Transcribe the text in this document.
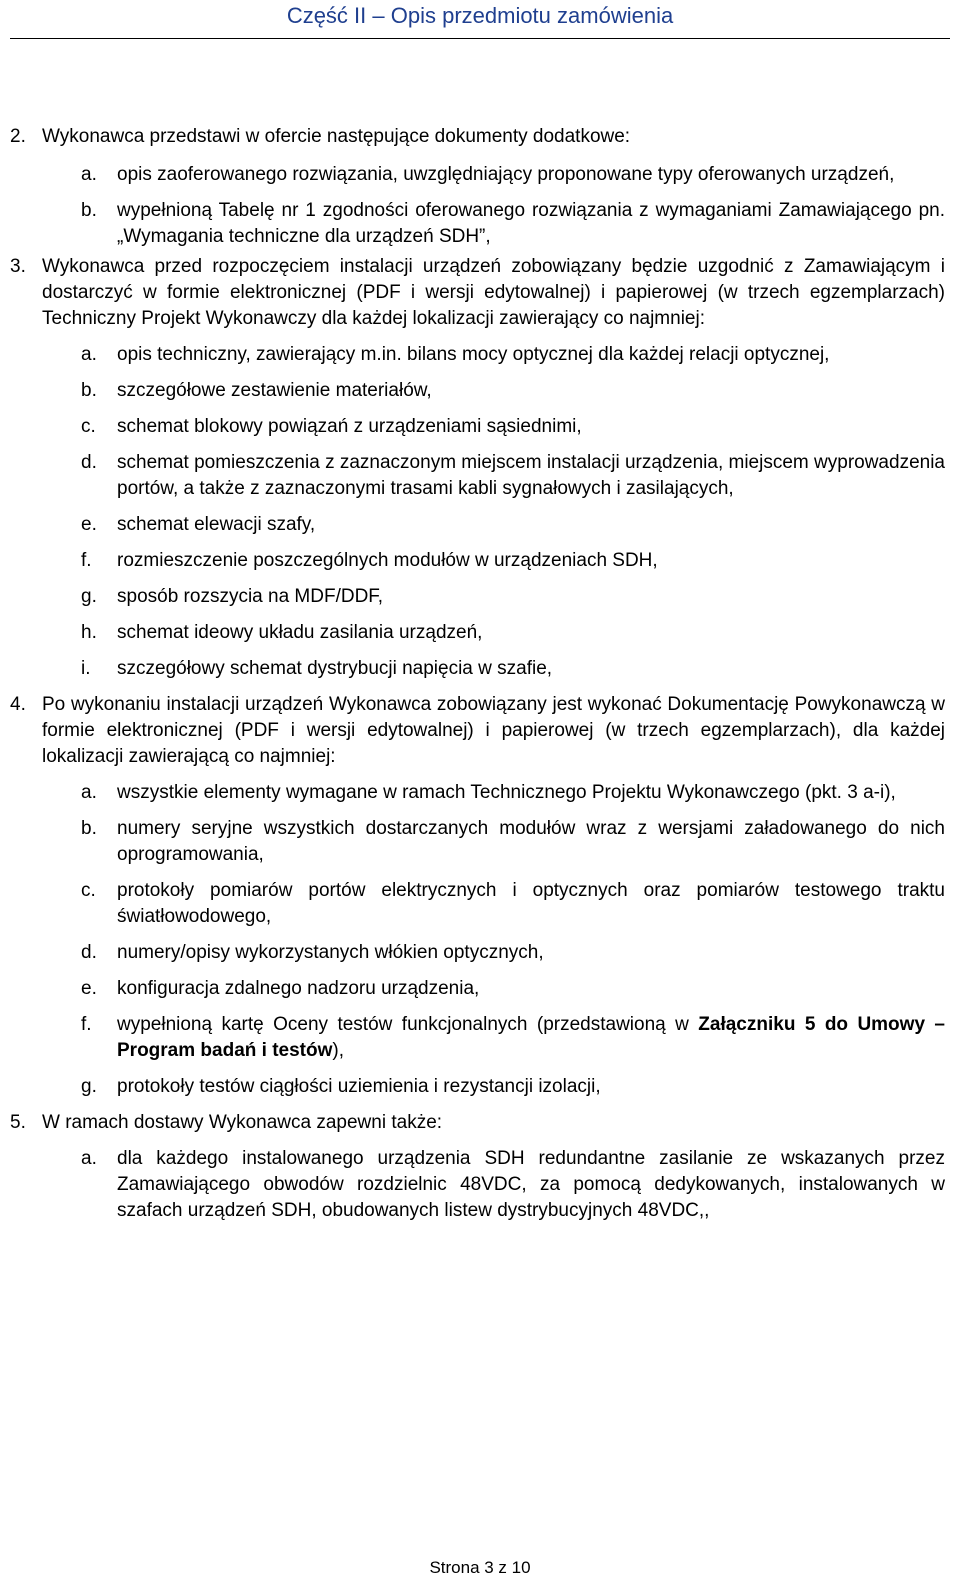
Część II – Opis przedmiotu zamówienia
2. Wykonawca przedstawi w ofercie następujące dokumenty dodatkowe:
a.	opis zaoferowanego rozwiązania, uwzględniający proponowane typy oferowanych urządzeń,
b.	wypełnioną Tabelę nr 1 zgodności oferowanego rozwiązania z wymaganiami Zamawiającego pn. „Wymagania techniczne dla urządzeń SDH”,
3. Wykonawca przed rozpoczęciem instalacji urządzeń zobowiązany będzie uzgodnić z Zamawiającym i dostarczyć w formie elektronicznej (PDF i wersji edytowalnej) i papierowej (w trzech egzemplarzach) Techniczny Projekt Wykonawczy dla każdej lokalizacji zawierający co najmniej:
a.	opis techniczny, zawierający m.in. bilans mocy optycznej dla każdej relacji optycznej,
b.	szczegółowe zestawienie materiałów,
c.	schemat blokowy powiązań z urządzeniami sąsiednimi,
d.	schemat pomieszczenia z zaznaczonym miejscem instalacji urządzenia, miejscem wyprowadzenia portów, a także z zaznaczonymi trasami kabli sygnałowych i zasilających,
e.	schemat elewacji szafy,
f.	rozmieszczenie poszczególnych modułów w urządzeniach SDH,
g.	sposób rozszycia na MDF/DDF,
h.	schemat ideowy układu zasilania urządzeń,
i.	szczegółowy schemat dystrybucji napięcia w szafie,
4. Po wykonaniu instalacji urządzeń Wykonawca zobowiązany jest wykonać Dokumentację Powykonawczą w formie elektronicznej (PDF i wersji edytowalnej) i papierowej (w trzech egzemplarzach), dla każdej lokalizacji zawierającą co najmniej:
a.	wszystkie elementy wymagane w ramach Technicznego Projektu Wykonawczego (pkt. 3 a-i),
b.	numery seryjne wszystkich dostarczanych modułów wraz z wersjami załadowanego do nich oprogramowania,
c.	protokoły pomiarów portów elektrycznych i optycznych oraz pomiarów testowego traktu światłowodowego,
d.	numery/opisy wykorzystanych włókien optycznych,
e.	konfiguracja zdalnego nadzoru urządzenia,
f.	wypełnioną kartę Oceny testów funkcjonalnych (przedstawioną w Załączniku 5 do Umowy – Program badań i testów),
g.	protokoły testów ciągłości uziemienia i rezystancji izolacji,
5. W ramach dostawy Wykonawca zapewni także:
a.	dla każdego instalowanego urządzenia SDH redundantne zasilanie ze wskazanych przez Zamawiającego obwodów rozdzielnic 48VDC, za pomocą dedykowanych, instalowanych w szafach urządzeń SDH, obudowanych listew dystrybucyjnych 48VDC,,
Strona 3 z 10
